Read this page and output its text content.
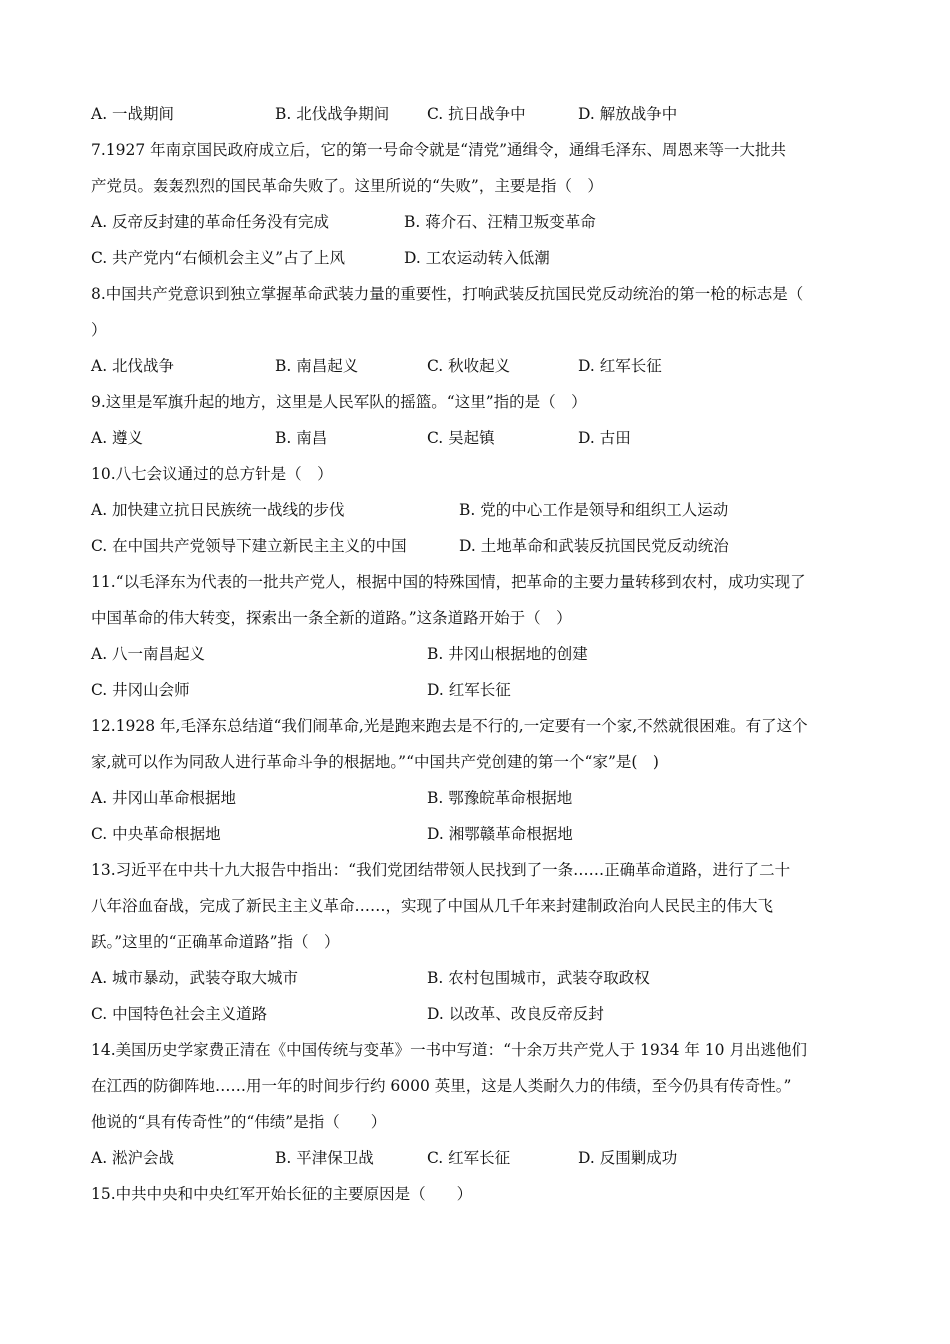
A. 一战期间	B. 北伐战争期间 C. 抗日战争中	D. 解放战争中
7.1927 年南京国民政府成立后，它的第一号命令就是“清党”通缉令，通缉毛泽东、周恩来等一大批共
产党员。轰轰烈烈的国民革命失败了。这里所说的“失败”，主要是指（　）
A. 反帝反封建的革命任务没有完成	B. 蒋介石、汪精卫叛变革命
C. 共产党内“右倾机会主义”占了上风	D. 工农运动转入低潮
8.中国共产党意识到独立掌握革命武装力量的重要性，打响武装反抗国民党反动统治的第一枪的标志是（
）
A. 北伐战争	B. 南昌起义	C. 秋收起义	D. 红军长征
9.这里是军旗升起的地方，这里是人民军队的摇篮。“这里”指的是（　）
A. 遵义	B. 南昌	C. 吴起镇	D. 古田
10.八七会议通过的总方针是（　）
A. 加快建立抗日民族统一战线的步伐	B. 党的中心工作是领导和组织工人运动
C. 在中国共产党领导下建立新民主主义的中国	D. 土地革命和武装反抗国民党反动统治
11.“以毛泽东为代表的一批共产党人，根据中国的特殊国情，把革命的主要力量转移到农村，成功实现了
中国革命的伟大转变，探索出一条全新的道路。”这条道路开始于（　）
A. 八一南昌起义	B. 井冈山根据地的创建
C. 井冈山会师	D. 红军长征
12.1928 年,毛泽东总结道“我们闹革命,光是跑来跑去是不行的,一定要有一个家,不然就很困难。有了这个
家,就可以作为同敌人进行革命斗争的根据地。”“中国共产党创建的第一个“家”是(　)
A. 井冈山革命根据地	B. 鄂豫皖革命根据地
C. 中央革命根据地	D. 湘鄂赣革命根据地
13.习近平在中共十九大报告中指出：“我们党团结带领人民找到了一条……正确革命道路，进行了二十
八年浴血奋战，完成了新民主主义革命……，实现了中国从几千年来封建制政治向人民民主的伟大飞
跃。”这里的“正确革命道路”指（　）
A. 城市暴动，武装夺取大城市	B. 农村包围城市，武装夺取政权
C. 中国特色社会主义道路	D. 以改革、改良反帝反封
14.美国历史学家费正清在《中国传统与变革》一书中写道：“十余万共产党人于 1934 年 10 月出逃他们
在江西的防御阵地……用一年的时间步行约 6000 英里，这是人类耐久力的伟绩，至今仍具有传奇性。”
他说的“具有传奇性”的“伟绩”是指（　　）
A. 淞沪会战	B. 平津保卫战	C. 红军长征	D. 反围剿成功
15.中共中央和中央红军开始长征的主要原因是（　　）
